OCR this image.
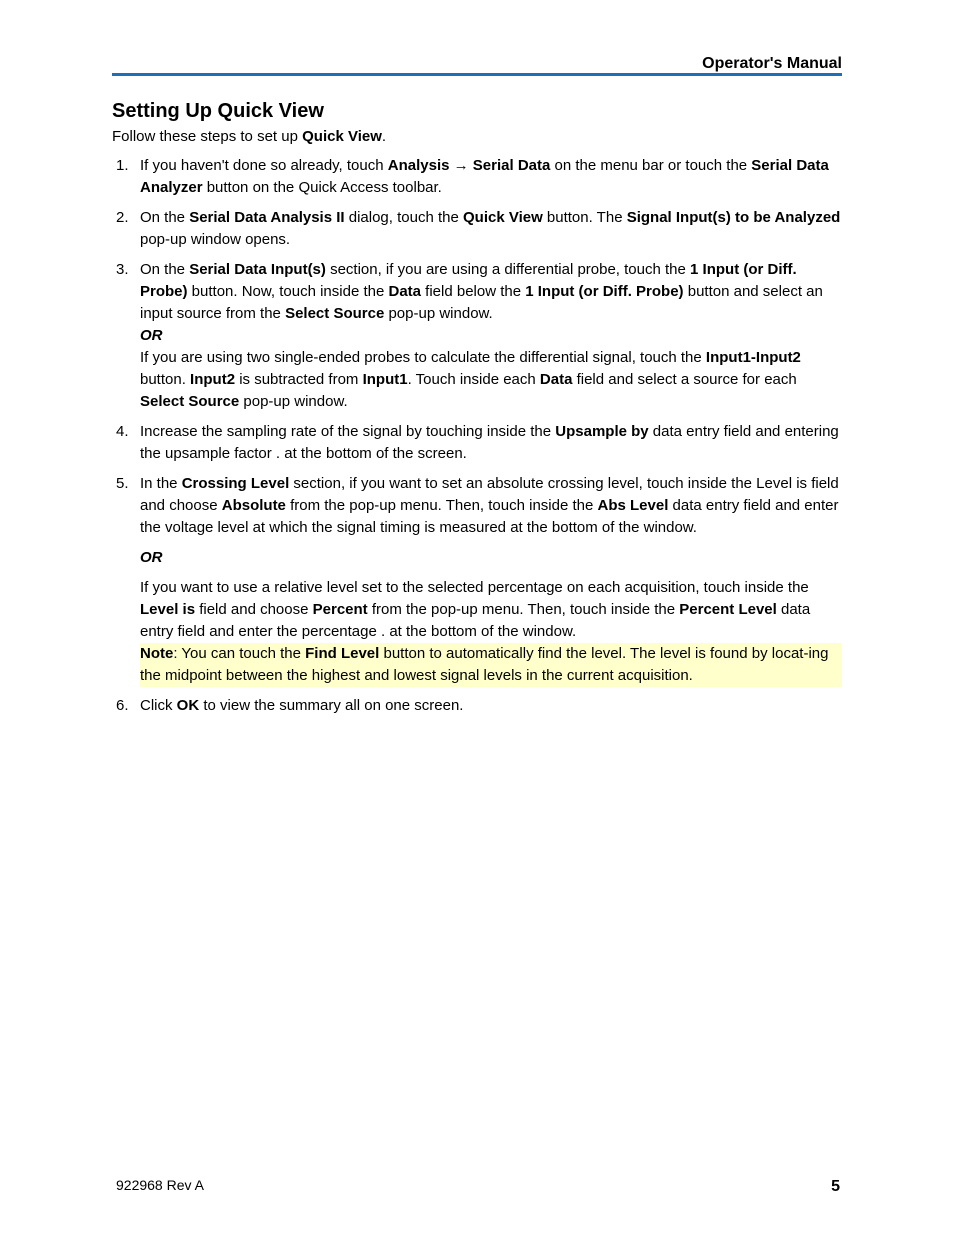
Operator's Manual
Setting Up Quick View

Follow these steps to set up Quick View.

1. If you haven't done so already, touch Analysis → Serial Data on the menu bar or touch the Serial Data Analyzer button on the Quick Access toolbar.

2. On the Serial Data Analysis II dialog, touch the Quick View button. The Signal Input(s) to be Analyzed pop-up window opens.

3. On the Serial Data Input(s) section, if you are using a differential probe, touch the 1 Input (or Diff. Probe) button. Now, touch inside the Data field below the 1 Input (or Diff. Probe) button and select an input source from the Select Source pop-up window.

OR

If you are using two single-ended probes to calculate the differential signal, touch the Input1-Input2 button. Input2 is subtracted from Input1. Touch inside each Data field and select a source for each Select Source pop-up window.

4. Increase the sampling rate of the signal by touching inside the Upsample by data entry field and entering the upsample factor . at the bottom of the screen.

5. In the Crossing Level section, if you want to set an absolute crossing level, touch inside the Level is field and choose Absolute from the pop-up menu. Then, touch inside the Abs Level data entry field and enter the voltage level at which the signal timing is measured at the bottom of the window.

OR

If you want to use a relative level set to the selected percentage on each acquisition, touch inside the Level is field and choose Percent from the pop-up menu. Then, touch inside the Percent Level data entry field and enter the percentage . at the bottom of the window.

Note: You can touch the Find Level button to automatically find the level. The level is found by locat-ing the midpoint between the highest and lowest signal levels in the current acquisition.

6. Click OK to view the summary all on one screen.

922968 Rev A	5
